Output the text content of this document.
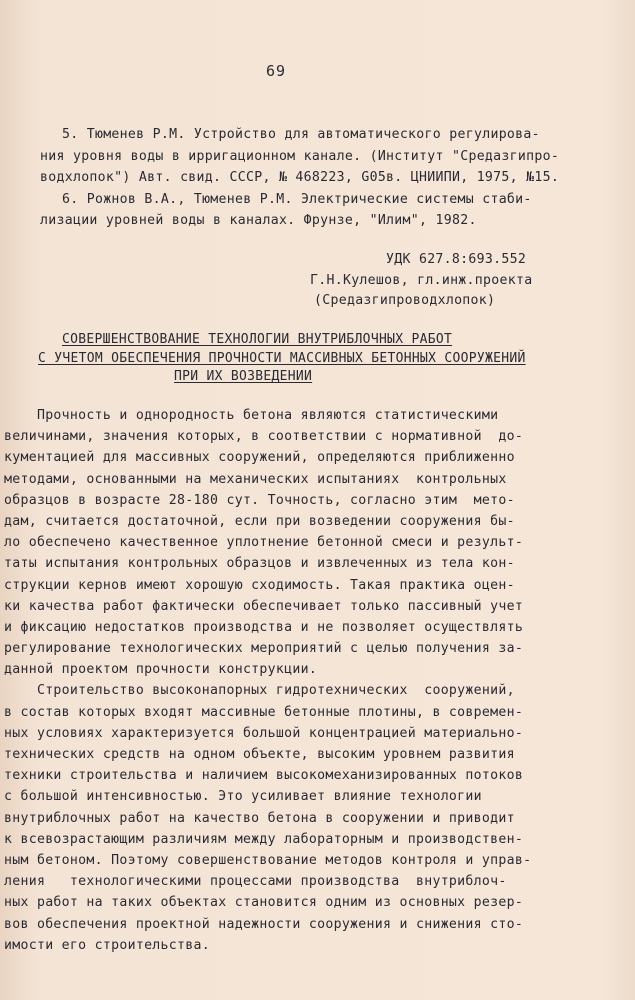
69
5. Тюменев Р.М. Устройство для автоматического регулирова-
ния уровня воды в ирригационном канале. (Институт "Средазгипро-
водхлопок") Авт. свид. СССР, № 468223, G05в. ЦНИИПИ, 1975, №15.
6. Рожнов В.А., Тюменев Р.М. Электрические системы стаби-
лизации уровней воды в каналах. Фрунзе, "Илим", 1982.
УДК 627.8:693.552
Г.Н.Кулешов, гл.инж.проекта
(Средазгипроводхлопок)
СОВЕРШЕНСТВОВАНИЕ ТЕХНОЛОГИИ ВНУТРИБЛОЧНЫХ РАБОТ
С УЧЕТОМ ОБЕСПЕЧЕНИЯ ПРОЧНОСТИ МАССИВНЫХ БЕТОННЫХ СООРУЖЕНИЙ
ПРИ ИХ ВОЗВЕДЕНИИ
Прочность и однородность бетона являются статистическими
величинами, значения которых, в соответствии с нормативной  до-
кументацией для массивных сооружений, определяются приближенно
методами, основанными на механических испытаниях  контрольных
образцов в возрасте 28-180 сут. Точность, согласно этим  мето-
дам, считается достаточной, если при возведении сооружения бы-
ло обеспечено качественное уплотнение бетонной смеси и результ-
таты испытания контрольных образцов и извлеченных из тела кон-
струкции кернов имеют хорошую сходимость. Такая практика оцен-
ки качества работ фактически обеспечивает только пассивный учет
и фиксацию недостатков производства и не позволяет осуществлять
регулирование технологических мероприятий с целью получения за-
данной проектом прочности конструкции.
Строительство высоконапорных гидротехнических  сооружений,
в состав которых входят массивные бетонные плотины, в современ-
ных условиях характеризуется большой концентрацией материально-
технических средств на одном объекте, высоким уровнем развития
техники строительства и наличием высокомеханизированных потоков
с большой интенсивностью. Это усиливает влияние технологии
внутриблочных работ на качество бетона в сооружении и приводит
к всевозрастающим различиям между лабораторным и производствен-
ным бетоном. Поэтому совершенствование методов контроля и управ-
ления   технологическими процессами производства  внутриблоч-
ных работ на таких объектах становится одним из основных резер-
вов обеспечения проектной надежности сооружения и снижения сто-
имости его строительства.
